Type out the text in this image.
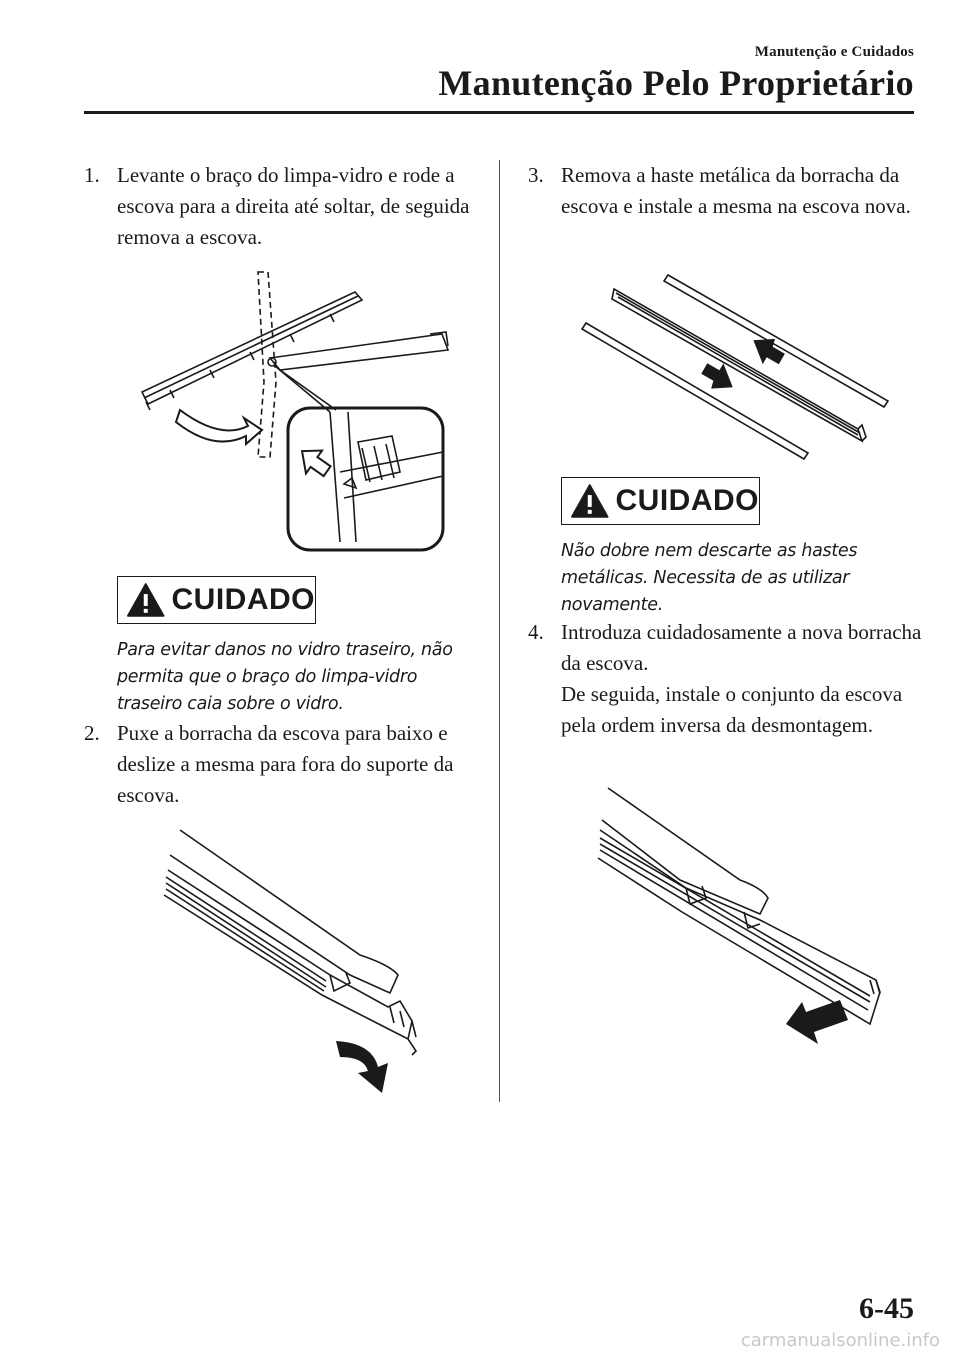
Manutenção e Cuidados
Manutenção Pelo Proprietário
1. Levante o braço do limpa-vidro e rode a escova para a direita até soltar, de seguida remova a escova.
CUIDADO
Para evitar danos no vidro traseiro, não permita que o braço do limpa-vidro traseiro caia sobre o vidro.
2. Puxe a borracha da escova para baixo e deslize a mesma para fora do suporte da escova.
3. Remova a haste metálica da borracha da escova e instale a mesma na escova nova.
CUIDADO
Não dobre nem descarte as hastes metálicas. Necessita de as utilizar novamente.
4. Introduza cuidadosamente a nova borracha da escova.
De seguida, instale o conjunto da escova pela ordem inversa da desmontagem.
6-45
carmanualsonline.info
